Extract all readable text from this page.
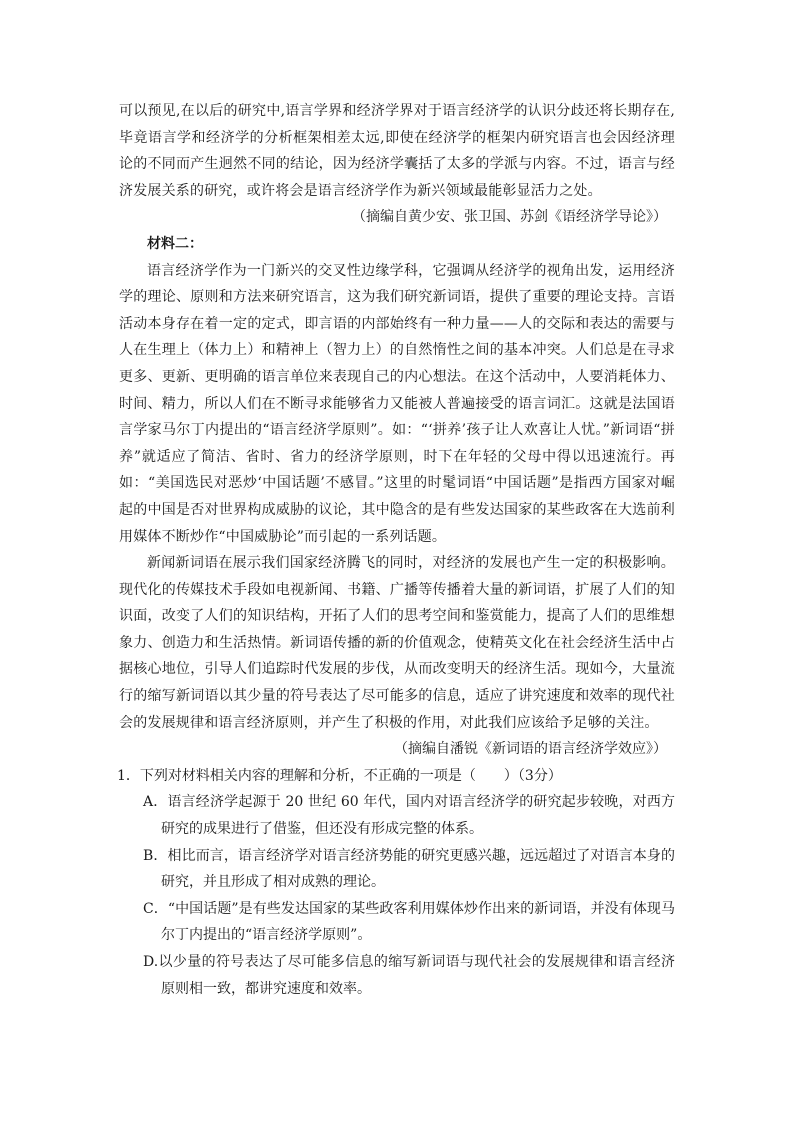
可以预见,在以后的研究中,语言学界和经济学界对于语言经济学的认识分歧还将长期存在,毕竟语言学和经济学的分析框架相差太远,即使在经济学的框架内研究语言也会因经济理论的不同而产生迥然不同的结论，因为经济学囊括了太多的学派与内容。不过，语言与经济发展关系的研究，或许将会是语言经济学作为新兴领域最能彰显活力之处。

（摘编自黄少安、张卫国、苏剑《语经济学导论》）

材料二：

语言经济学作为一门新兴的交叉性边缘学科，它强调从经济学的视角出发，运用经济学的理论、原则和方法来研究语言，这为我们研究新词语，提供了重要的理论支持。言语活动本身存在着一定的定式，即言语的内部始终有一种力量——人的交际和表达的需要与人在生理上（体力上）和精神上（智力上）的自然惰性之间的基本冲突。人们总是在寻求更多、更新、更明确的语言单位来表现自己的内心想法。在这个活动中，人要消耗体力、时间、精力，所以人们在不断寻求能够省力又能被人普遍接受的语言词汇。这就是法国语言学家马尔丁内提出的“语言经济学原则”。如：“‘拼养’孩子让人欢喜让人忧。”新词语“拼养”就适应了简洁、省时、省力的经济学原则，时下在年轻的父母中得以迅速流行。再如：“美国选民对恶炒‘中国话题’不感冒。”这里的时髦词语“中国话题”是指西方国家对崛起的中国是否对世界构成威胁的议论，其中隐含的是有些发达国家的某些政客在大选前利用媒体不断炒作“中国威胁论”而引起的一系列话题。

新闻新词语在展示我们国家经济腾飞的同时，对经济的发展也产生一定的积极影响。现代化的传媒技术手段如电视新闻、书籍、广播等传播着大量的新词语，扩展了人们的知识面，改变了人们的知识结构，开拓了人们的思考空间和鉴赏能力，提高了人们的思维想象力、创造力和生活热情。新词语传播的新的价值观念，使精英文化在社会经济生活中占据核心地位，引导人们追踪时代发展的步伐，从而改变明天的经济生活。现如今，大量流行的缩写新词语以其少量的符号表达了尽可能多的信息，适应了讲究速度和效率的现代社会的发展规律和语言经济原则，并产生了积极的作用，对此我们应该给予足够的关注。

（摘编自潘锐《新词语的语言经济学效应》）

1．下列对材料相关内容的理解和分析，不正确的一项是（　　）（3分）

A．语言经济学起源于 20 世纪 60 年代，国内对语言经济学的研究起步较晚，对西方研究的成果进行了借鉴，但还没有形成完整的体系。

B．相比而言，语言经济学对语言经济势能的研究更感兴趣，远远超过了对语言本身的研究，并且形成了相对成熟的理论。

C．“中国话题”是有些发达国家的某些政客利用媒体炒作出来的新词语，并没有体现马尔丁内提出的“语言经济学原则”。

D.以少量的符号表达了尽可能多信息的缩写新词语与现代社会的发展规律和语言经济原则相一致，都讲究速度和效率。
